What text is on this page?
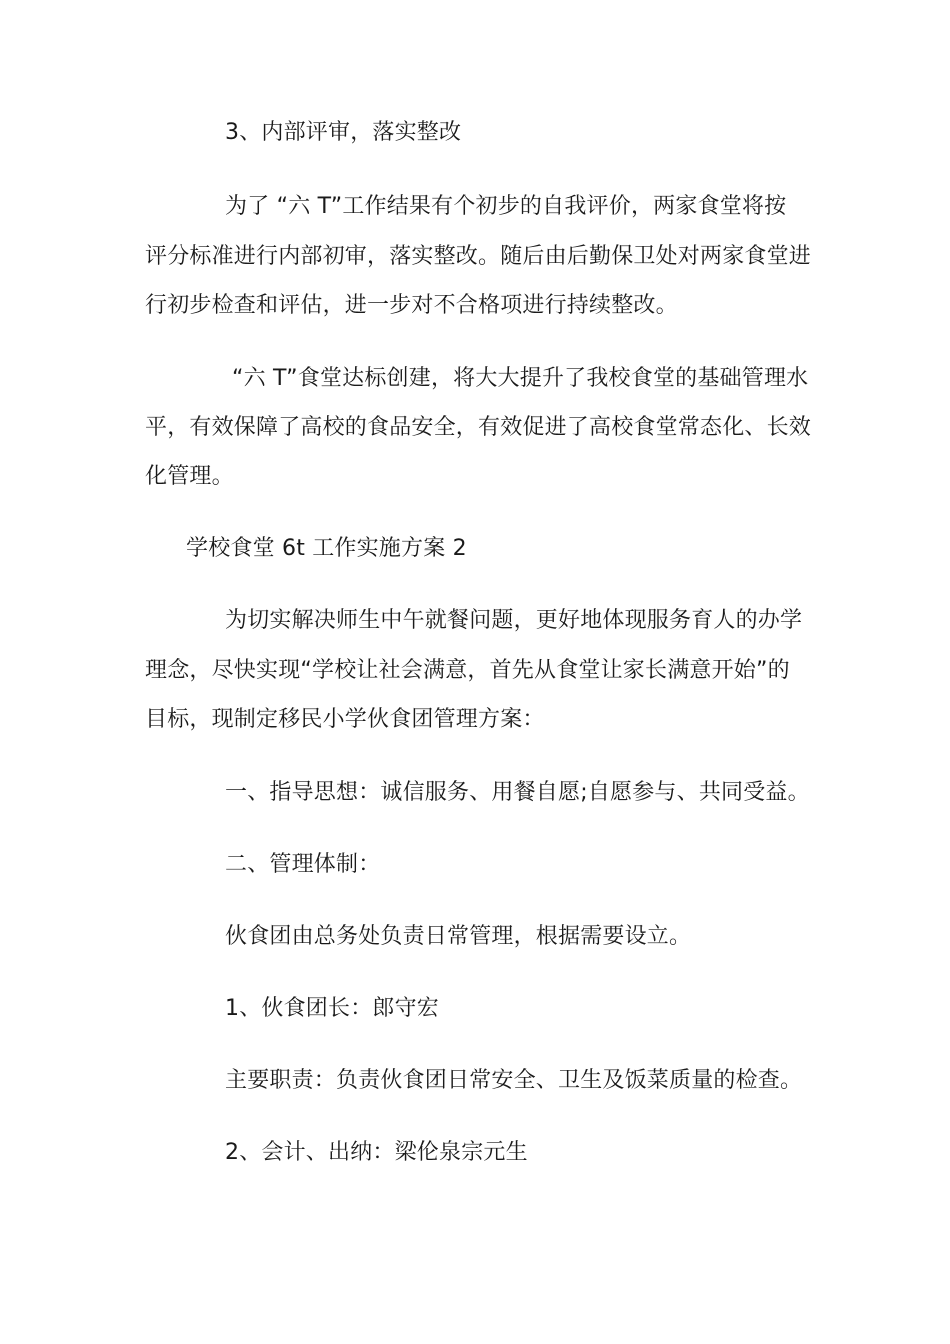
3、内部评审，落实整改

为了 “六 T”工作结果有个初步的自我评价，两家食堂将按

评分标准进行内部初审，落实整改。随后由后勤保卫处对两家食堂进

行初步检查和评估，进一步对不合格项进行持续整改。

“六 T”食堂达标创建，将大大提升了我校食堂的基础管理水

平，有效保障了高校的食品安全，有效促进了高校食堂常态化、长效

化管理。

学校食堂 6t 工作实施方案 2

为切实解决师生中午就餐问题，更好地体现服务育人的办学

理念，尽快实现“学校让社会满意，首先从食堂让家长满意开始”的

目标，现制定移民小学伙食团管理方案：

一、指导思想：诚信服务、用餐自愿;自愿参与、共同受益。

二、管理体制：

伙食团由总务处负责日常管理，根据需要设立。

1、伙食团长：郎守宏

主要职责：负责伙食团日常安全、卫生及饭菜质量的检查。

2、会计、出纳：梁伦泉宗元生
